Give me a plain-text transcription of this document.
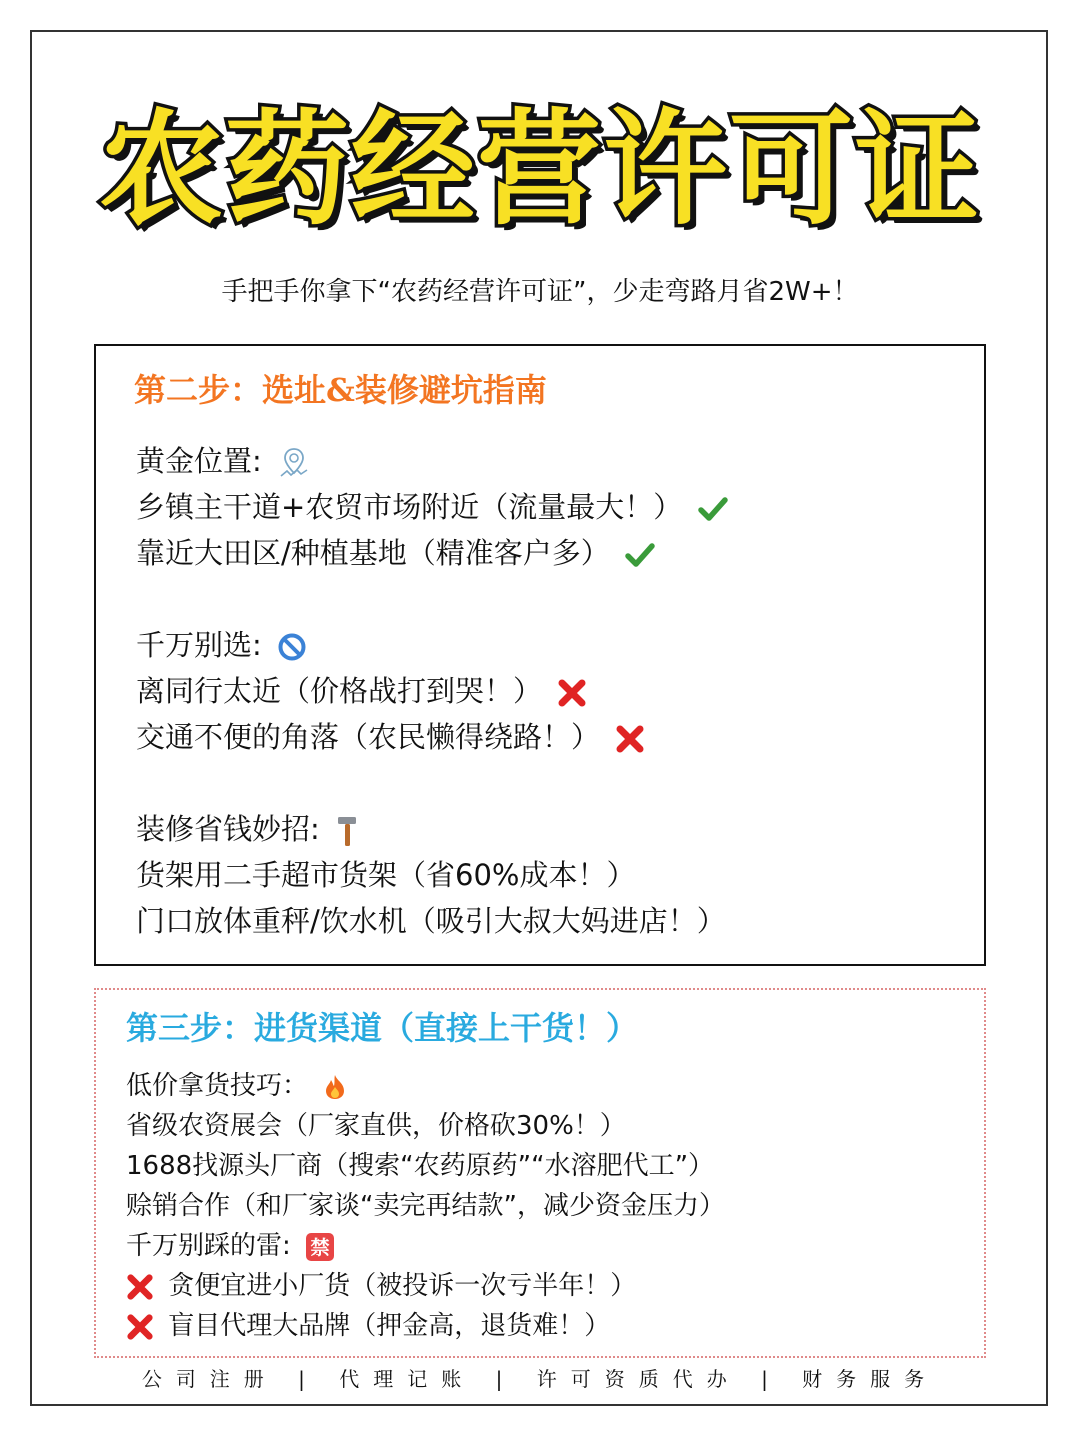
农药经营许可证
手把手你拿下“农药经营许可证”，少走弯路月省2W+！
第二步：选址&装修避坑指南
黄金位置:
乡镇主干道+农贸市场附近（流量最大！）
靠近大田区/种植基地（精准客户多）
千万别选:
离同行太近（价格战打到哭！）
交通不便的角落（农民懒得绕路！）
装修省钱妙招:
货架用二手超市货架（省60%成本！）
门口放体重秤/饮水机（吸引大叔大妈进店！）
第三步：进货渠道（直接上干货！）
低价拿货技巧：
省级农资展会（厂家直供，价格砍30%！）
1688找源头厂商（搜索“农药原药”“水溶肥代工”）
赊销合作（和厂家谈“卖完再结款”，减少资金压力）
千万别踩的雷: 禁
贪便宜进小厂货（被投诉一次亏半年！）
盲目代理大品牌（押金高，退货难！）
公司注册 | 代理记账 | 许可资质代办 | 财务服务
